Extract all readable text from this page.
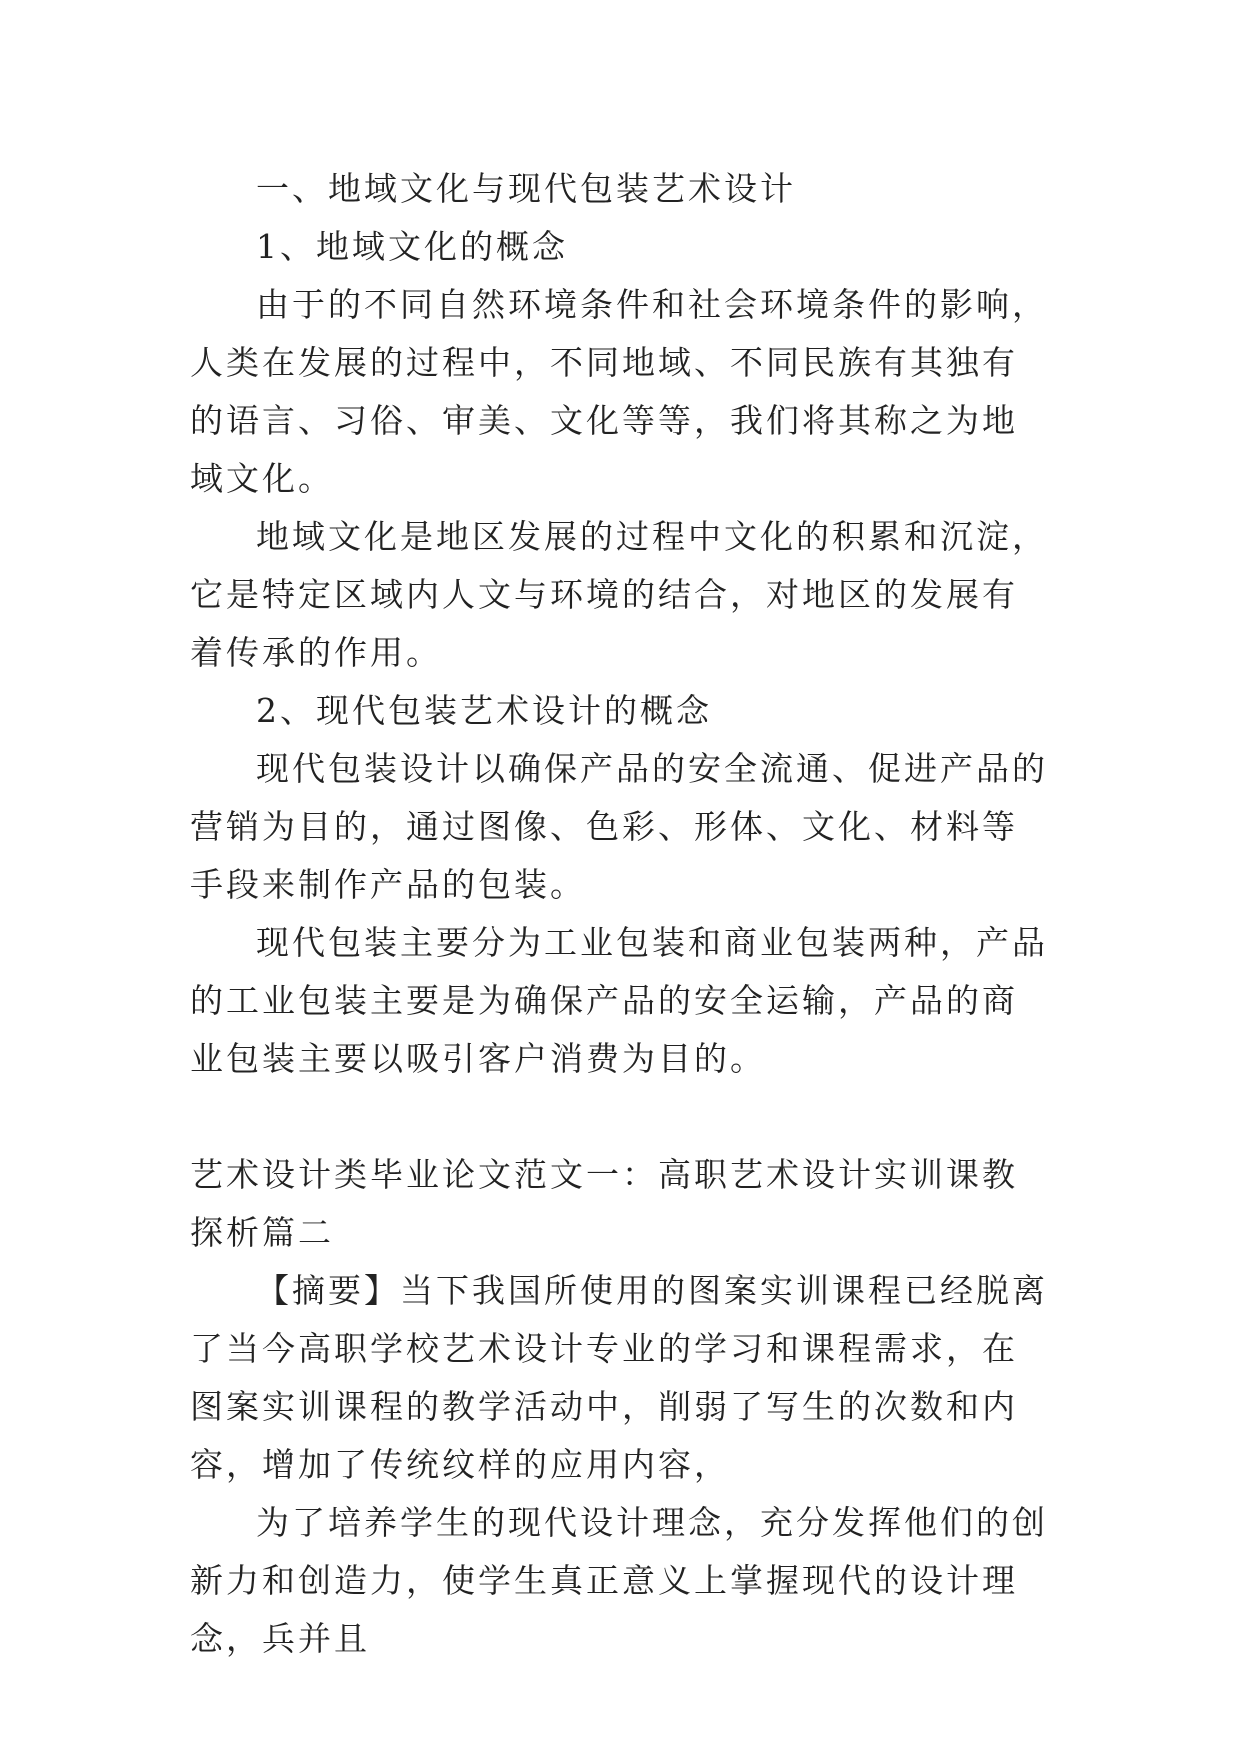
一、地域文化与现代包装艺术设计

1、地域文化的概念

由于的不同自然环境条件和社会环境条件的影响，人类在发展的过程中，不同地域、不同民族有其独有的语言、习俗、审美、文化等等，我们将其称之为地域文化。

地域文化是地区发展的过程中文化的积累和沉淀，它是特定区域内人文与环境的结合，对地区的发展有着传承的作用。

2、现代包装艺术设计的概念

现代包装设计以确保产品的安全流通、促进产品的营销为目的，通过图像、色彩、形体、文化、材料等手段来制作产品的包装。

现代包装主要分为工业包装和商业包装两种，产品的工业包装主要是为确保产品的安全运输，产品的商业包装主要以吸引客户消费为目的。

艺术设计类毕业论文范文一：高职艺术设计实训课教探析篇二

【摘要】当下我国所使用的图案实训课程已经脱离了当今高职学校艺术设计专业的学习和课程需求，在图案实训课程的教学活动中，削弱了写生的次数和内容，增加了传统纹样的应用内容，

为了培养学生的现代设计理念，充分发挥他们的创新力和创造力，使学生真正意义上掌握现代的设计理念，兵并且
